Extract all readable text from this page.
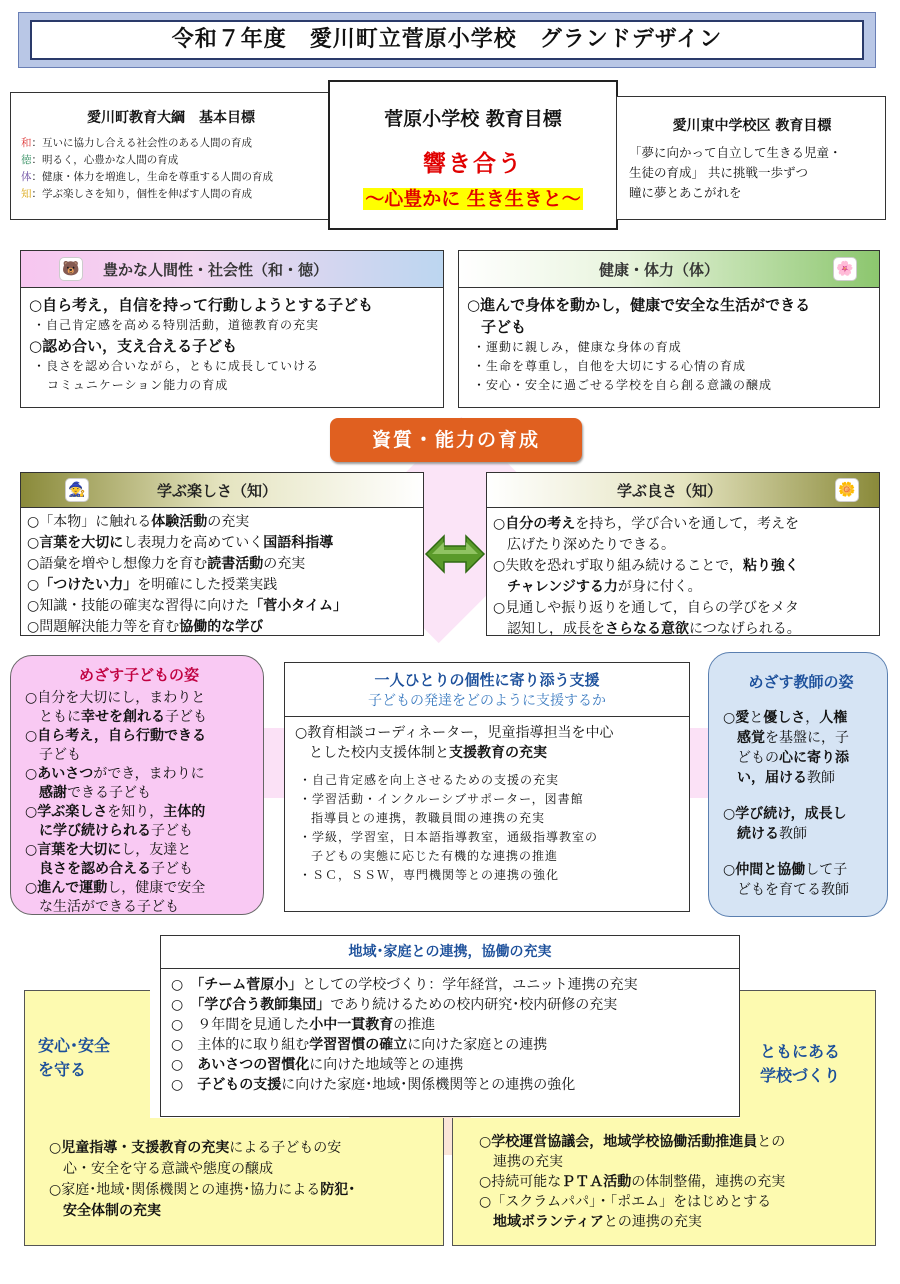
令和７年度　愛川町立菅原小学校　グランドデザイン
愛川町教育大綱　基本目標
和：互いに協力し合える社会性のある人間の育成
徳：明るく，心豊かな人間の育成
体：健康・体力を増進し，生命を尊重する人間の育成
知：学ぶ楽しさを知り，個性を伸ばす人間の育成
菅原小学校 教育目標
響き合う
～心豊かに 生き生きと～
愛川東中学校区 教育目標
「夢に向かって自立して生きる児童・
生徒の育成」 共に挑戦一歩ずつ
瞳に夢とあこがれを
🐻 豊かな人間性・社会性（和・徳）
○自ら考え，自信を持って行動しようとする子ども
・自己肯定感を高める特別活動，道徳教育の充実
○認め合い，支え合える子ども
・良さを認め合いながら，ともに成長していける
コミュニケーション能力の育成
健康・体力（体）	🌸
○進んで身体を動かし，健康で安全な生活ができる
子ども
・運動に親しみ，健康な身体の育成
・生命を尊重し，自他を大切にする心情の育成
・安心・安全に過ごせる学校を自ら創る意識の醸成
資質・能力の育成
🧙	学ぶ楽しさ（知）
○「本物」に触れる体験活動の充実
○言葉を大切にし表現力を高めていく国語科指導
○語彙を増やし想像力を育む読書活動の充実
○「つけたい力」を明確にした授業実践
○知識・技能の確実な習得に向けた「菅小タイム」
○問題解決能力等を育む協働的な学び
学ぶ良さ（知）	🌼
○自分の考えを持ち，学び合いを通して，考えを
広げたり深めたりできる。
○失敗を恐れず取り組み続けることで，粘り強く
チャレンジする力が身に付く。
○見通しや振り返りを通して，自らの学びをメタ
認知し，成長をさらなる意欲につなげられる。
めざす子どもの姿
○自分を大切にし，まわりと
ともに幸せを創れる子ども
○自ら考え，自ら行動できる
子ども
○あいさつができ，まわりに
感謝できる子ども
○学ぶ楽しさを知り，主体的
に学び続けられる子ども
○言葉を大切にし，友達と
良さを認め合える子ども
○進んで運動し，健康で安全
な生活ができる子ども
一人ひとりの個性に寄り添う支援
子どもの発達をどのように支援するか
○教育相談コーディネーター，児童指導担当を中心
とした校内支援体制と支援教育の充実
・自己肯定感を向上させるための支援の充実
・学習活動・インクルーシブサポーター，図書館
指導員との連携，教職員間の連携の充実
・学級，学習室，日本語指導教室，通級指導教室の
子どもの実態に応じた有機的な連携の推進
・ＳＣ，ＳＳＷ，専門機関等との連携の強化
めざす教師の姿
○愛と優しさ，人権
感覚を基盤に，子
どもの心に寄り添
い，届ける教師
○学び続け，成長し
続ける教師
○仲間と協働して子
どもを育てる教師
安心･安全
を守る
○児童指導・支援教育の充実による子どもの安
心・安全を守る意識や態度の醸成
○家庭･地域･関係機関との連携･協力による防犯･
安全体制の充実
ともにある
学校づくり
○学校運営協議会，地域学校協働活動推進員との
連携の充実
○持続可能なＰＴＡ活動の体制整備，連携の充実
○「スクラムパパ」・「ポエム」をはじめとする
地域ボランティアとの連携の充実
地域･家庭との連携，協働の充実
○　「チーム菅原小」としての学校づくり：学年経営，ユニット連携の充実
○　「学び合う教師集団」であり続けるための校内研究･校内研修の充実
○　９年間を見通した小中一貫教育の推進
○　主体的に取り組む学習習慣の確立に向けた家庭との連携
○　あいさつの習慣化に向けた地域等との連携
○　子どもの支援に向けた家庭･地域･関係機関等との連携の強化
